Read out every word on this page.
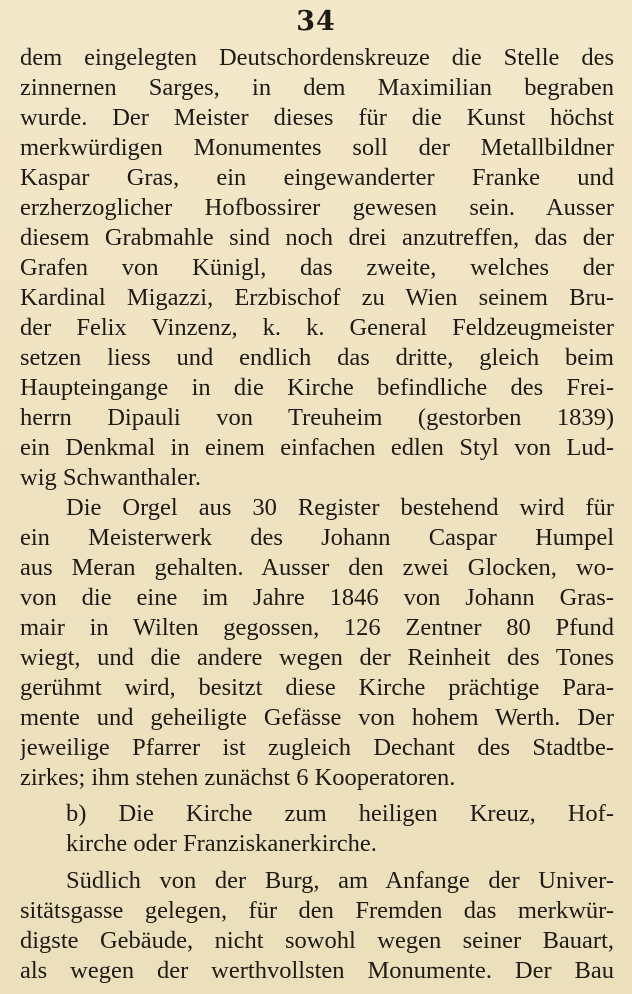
34
dem eingelegten Deutschordenskreuze die Stelle des
zinnernen Sarges, in dem Maximilian begraben
wurde. Der Meister dieses für die Kunst höchst
merkwürdigen Monumentes soll der Metallbildner
Kaspar Gras, ein eingewanderter Franke und
erzherzoglicher Hofbossirer gewesen sein. Ausser
diesem Grabmahle sind noch drei anzutreffen, das der
Grafen von Künigl, das zweite, welches der
Kardinal Migazzi, Erzbischof zu Wien seinem Bru-
der Felix Vinzenz, k. k. General Feldzeugmeister
setzen liess und endlich das dritte, gleich beim
Haupteingange in die Kirche befindliche des Frei-
herrn Dipauli von Treuheim (gestorben 1839)
ein Denkmal in einem einfachen edlen Styl von Lud-
wig Schwanthaler.
Die Orgel aus 30 Register bestehend wird für
ein Meisterwerk des Johann Caspar Humpel
aus Meran gehalten. Ausser den zwei Glocken, wo-
von die eine im Jahre 1846 von Johann Gras-
mair in Wilten gegossen, 126 Zentner 80 Pfund
wiegt, und die andere wegen der Reinheit des Tones
gerühmt wird, besitzt diese Kirche prächtige Para-
mente und geheiligte Gefässe von hohem Werth. Der
jeweilige Pfarrer ist zugleich Dechant des Stadtbe-
zirkes; ihm stehen zunächst 6 Kooperatoren.
b) Die Kirche zum heiligen Kreuz, Hof-
kirche oder Franziskanerkirche.
Südlich von der Burg, am Anfange der Univer-
sitätsgasse gelegen, für den Fremden das merkwür-
digste Gebäude, nicht sowohl wegen seiner Bauart,
als wegen der werthvollsten Monumente. Der Bau
